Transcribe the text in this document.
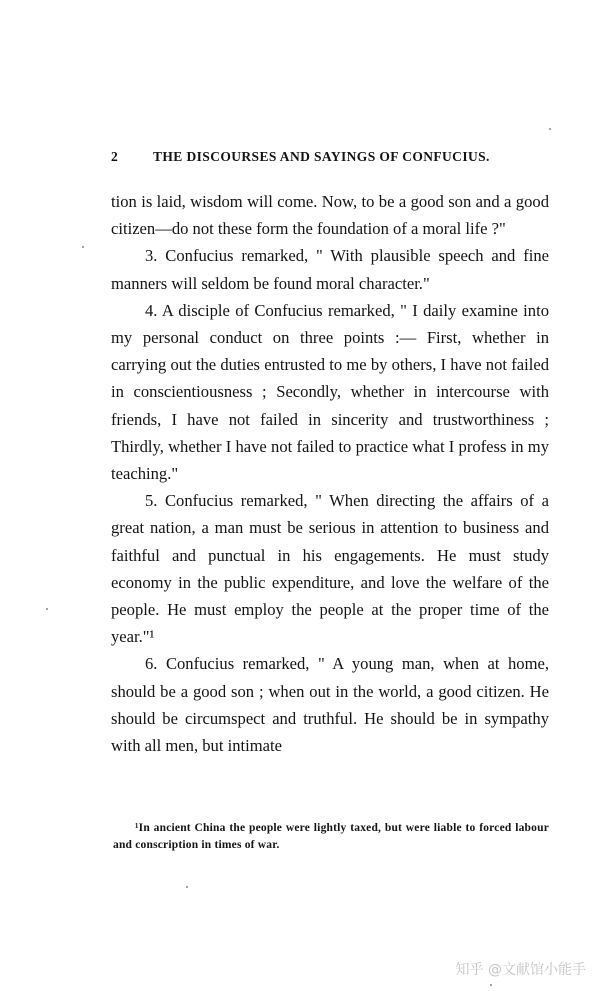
2	THE DISCOURSES AND SAYINGS OF CONFUCIUS.

tion is laid, wisdom will come. Now, to be a good son and a good citizen—do not these form the foundation of a moral life ?"

3. Confucius remarked, " With plausible speech and fine manners will seldom be found moral character."

4. A disciple of Confucius remarked, " I daily examine into my personal conduct on three points :— First, whether in carrying out the duties entrusted to me by others, I have not failed in conscientiousness ; Secondly, whether in intercourse with friends, I have not failed in sincerity and trustworthiness ; Thirdly, whether I have not failed to practice what I profess in my teaching."

5. Confucius remarked, " When directing the affairs of a great nation, a man must be serious in attention to business and faithful and punctual in his engagements. He must study economy in the public expenditure, and love the welfare of the people. He must employ the people at the proper time of the year."¹

6. Confucius remarked, " A young man, when at home, should be a good son ; when out in the world, a good citizen. He should be circumspect and truthful. He should be in sympathy with all men, but intimate

¹In ancient China the people were lightly taxed, but were liable to forced labour and conscription in times of war.
知乎 @文献馆小能手
